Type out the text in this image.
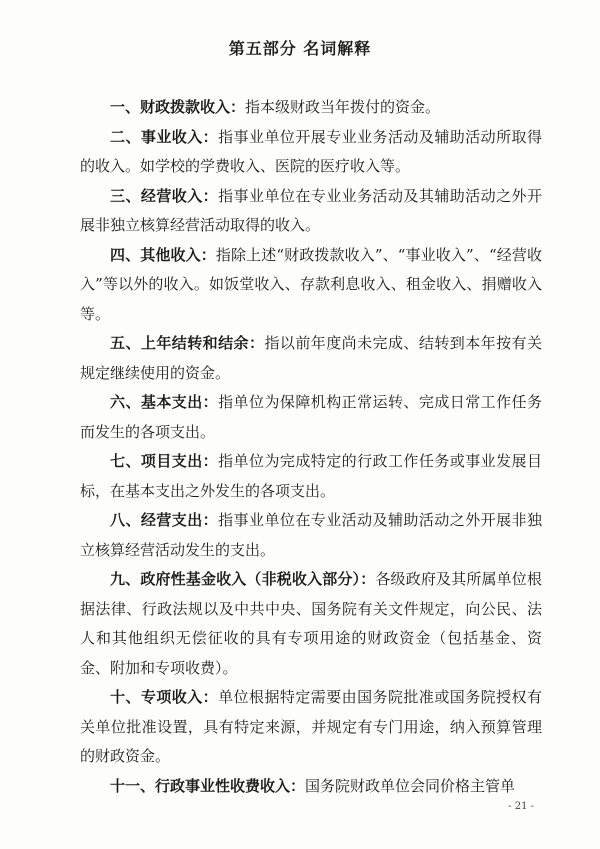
第五部分 名词解释

一、财政拨款收入：指本级财政当年拨付的资金。

二、事业收入：指事业单位开展专业业务活动及辅助活动所取得的收入。如学校的学费收入、医院的医疗收入等。

三、经营收入：指事业单位在专业业务活动及其辅助活动之外开展非独立核算经营活动取得的收入。

四、其他收入：指除上述“财政拨款收入”、“事业收入”、“经营收入”等以外的收入。如饭堂收入、存款利息收入、租金收入、捐赠收入等。

五、上年结转和结余：指以前年度尚未完成、结转到本年按有关规定继续使用的资金。

六、基本支出：指单位为保障机构正常运转、完成日常工作任务而发生的各项支出。

七、项目支出：指单位为完成特定的行政工作任务或事业发展目标，在基本支出之外发生的各项支出。

八、经营支出：指事业单位在专业活动及辅助活动之外开展非独立核算经营活动发生的支出。

九、政府性基金收入（非税收入部分）：各级政府及其所属单位根据法律、行政法规以及中共中央、国务院有关文件规定，向公民、法人和其他组织无偿征收的具有专项用途的财政资金（包括基金、资金、附加和专项收费）。

十、专项收入：单位根据特定需要由国务院批准或国务院授权有关单位批准设置，具有特定来源，并规定有专门用途，纳入预算管理的财政资金。

十一、行政事业性收费收入：国务院财政单位会同价格主管单

- 21 -
